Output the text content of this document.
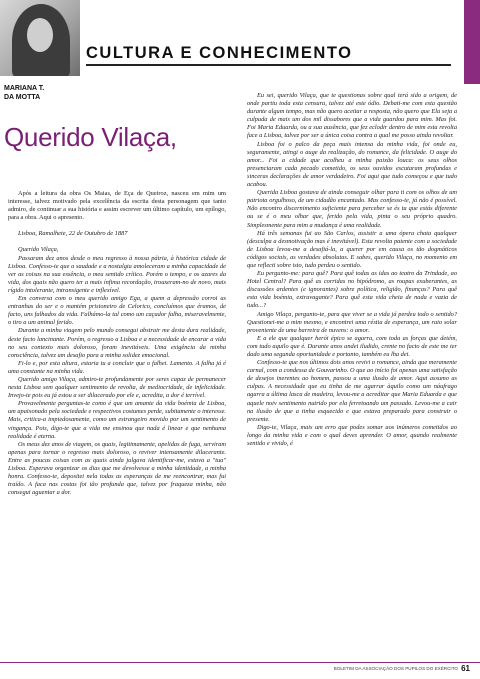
CULTURA E CONHECIMENTO
MARIANA T.
DA MOTTA
Querido Vilaça,

Após a leitura da obra Os Maias, de Eça de Queiroz, nasceu em mim um interesse, talvez motivado pela excelência da escrita desta personagem que tanto admiro, de continuar a sua história e assim escrever um último capítulo, um epílogo, para a obra. Aqui o apresento.

Lisboa, Ramalhete, 22 de Outubro de 1887

Querido Vilaça,

Passaram dez anos desde o meu regresso à nossa pátria, à histórica cidade de Lisboa. Confesso-te que a saudade e a nostalgia amoleceram a minha capacidade de ver as coisas na sua essência, o meu sentido crítico. Porém o tempo, e os azares da vida, dos quais não quero ter a mais ínfima recordação, trouxeram-no de novo, mais rígido intolerante, intransigente e inflexível.

Em conversa com o meu querido amigo Ega, a quem a depressão corroi as entranhas do ser e o mantém prisioneiro de Celorico, concluímos que éramos, de facto, uns falhados da vida. Falhámo-la tal como um caçador falha, miseravelmente, o tiro a um animal ferido.

Durante a minha viagem pelo mundo consegui abstrair me desta dura realidade, deste facto lancinante. Porém, o regresso a Lisboa e a necessidade de encarar a vida no seu contexto mais doloroso, foram inevitáveis. Uma exigência da minha consciência, talvez um desafio para a minha solidez emocional.

Fi-lo e, por esta altura, estaria tu a concluir que o falhei. Lamento. A falha já é uma constante na minha vida.

Querido amigo Vilaça, admiro-te profundamente por seres capaz de permanecer nesta Lisboa sem qualquer sentimento de revolta, de mediocridade, de infelicidade. Invejo-te pois eu já estou a ser dilacerado por ele e, acredita, a dor é terrível.

Provavelmente perguntas-te como é que um amante da vida boémia de Lisboa, um apaixonado pela sociedade e respectivos costumes perde, subitamente o interesse. Mais, critica-a impiedosamente, como um estrangeiro movido por um sentimento de vingança. Pois, digo-te que a vida me ensinou que nada é linear e que nenhuma realidade é eterna.

Os meus dez anos de viagem, os quais, legitimamente, apelidas de fuga, serviram apenas para tornar o regresso mais doloroso, o reviver intensamente dilacerante. Entre as poucas coisas com as quais ainda julgava identificar-me, estava a "tua" Lisboa. Esperava organizar os dias que me devolvesse a minha identidade, a minha honra. Confesso-te, depositei nela todas as esperanças de me reencontrar, mas fui traído. A faca nas costas foi tão profunda que, talvez por fraqueza minha, não consegui aguentar a dor.

Eu sei, querido Vilaça, que te questionas sobre qual terá sido a origem, de onde partiu toda esta censura, talvez até este ódio. Debati-me com esta questão durante algum tempo, mas não quero aceitar a resposta, não quero que Ela seja a culpada de mais um dos mil dissabores que a vida guardou para mim. Mas foi. Foi Maria Eduarda, ou a sua ausência, que fez eclodir dentro de mim esta revolta face a Lisboa, talvez por ser a única coisa contra a qual me posso ainda revoltar.

Lisboa foi o palco da peça mais intensa da minha vida, foi onde eu, seguramente, atingi o auge da realização, do romance, da felicidade. O auge do amor... Foi a cidade que acolheu a minha paixão louca: os seus olhos presenciaram cada pecado cometido, os seus ouvidos escutaram profundas e sinceras declarações de amor verdadeiro. Foi aqui que tudo começou e que tudo acabou.

Querida Lisboa gostava de ainda conseguir olhar para ti com os olhos de um patriota orgulhoso, de um cidadão encantado. Mas confesso-te, já não é possível. Não encontro discernimento suficiente para perceber se és tu que estás diferente ou se é o meu olhar que, ferido pela vida, pinta o seu próprio quadro. Simplesmente para mim a mudança é uma realidade.

Há três semanas fui ao São Carlos, assistir a uma ópera chata qualquer (desculpa a desmotivação mas é inevitável). Esta revolta patente com a sociedade de Lisboa levou-me a desafiá-la, a querer por em causa os tão dogmáticos códigos sociais, as verdades absolutas. E sabes, querido Vilaça, no momento em que reflecti sobre isto, tudo perdeu o sentido.

Eu pergunto-me: para quê? Para quê todas as idas ao teatro da Trindade, ao Hotel Central? Para quê as corridas no hipódromo, as roupas exuberantes, as discussões ardentes (e ignorantes) sobre política, religião, finanças? Para quê esta vida boémia, extravagante? Para quê esta vida cheia de nada e vazia de tudo...?

Amigo Vilaça, pergunto-te, para que viver se a vida já perdeu todo o sentido? Questionei-me a mim mesmo, e encontrei uma réstia de esperança, um raio solar proveniente de uma barreira de nuvens: o amor.

E a ele que qualquer herói épico se agarra, com toda as forças que detém, com tudo aquilo que é. Durante anos andei iludido, crente no facto de este me ter dado uma segunda oportunidade e portanto, também eu lha dei.

Confesso-te que nos últimos dois anos revivi o romance, ainda que meramente carnal, com a condessa de Gouvarinho. O que ao início foi apenas uma satisfação de desejos inerentes ao homem, passou a uma ilusão de amor. Aqui assumo as culpas. A necessidade que eu tinha de me agarrar àquilo como um náufrago agarra a última lasca de madeira, levou-me a acreditar que Maria Eduarda e que aquele noiv sentimento nutrido por ela ferretoando um passado. Levou-me a cair na ilusão de que a tinha esquecido e que estava preparado para construir o presente.

Digo-te, Vilaça, mais um erro que podes somar aos inúmeros cometidos ao longo da minha vida e com o qual deves aprender. O amor, quando realmente sentido e vivido, é

BOLETIM DA ASSOCIAÇÃO DOS PUPILOS DO EXÉRCITO 61
